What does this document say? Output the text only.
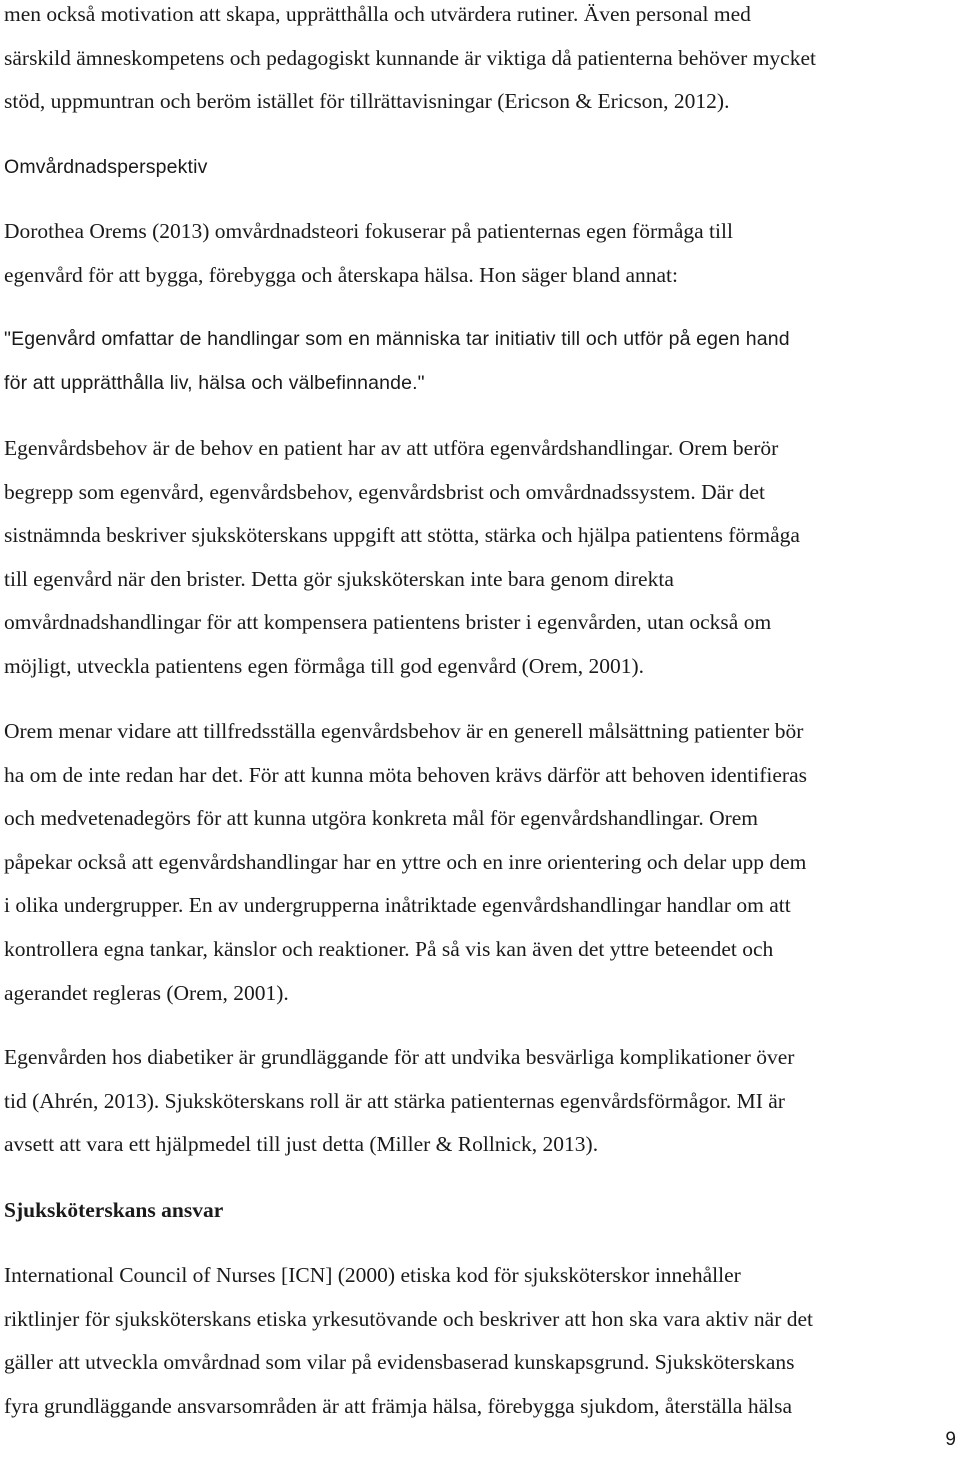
men också motivation att skapa, upprätthålla och utvärdera rutiner. Även personal med
särskild ämneskompetens och pedagogiskt kunnande är viktiga då patienterna behöver mycket
stöd, uppmuntran och beröm istället för tillrättavisningar (Ericson & Ericson, 2012).

Omvårdnadsperspektiv

Dorothea Orems (2013) omvårdnadsteori fokuserar på patienternas egen förmåga till
egenvård för att bygga, förebygga och återskapa hälsa. Hon säger bland annat:

"Egenvård omfattar de handlingar som en människa tar initiativ till och utför på egen hand
för att upprätthålla liv, hälsa och välbefinnande."

Egenvårdsbehov är de behov en patient har av att utföra egenvårdshandlingar. Orem berör
begrepp som egenvård, egenvårdsbehov, egenvårdsbrist och omvårdnadssystem. Där det
sistnämnda beskriver sjuksköterskans uppgift att stötta, stärka och hjälpa patientens förmåga
till egenvård när den brister. Detta gör sjuksköterskan inte bara genom direkta
omvårdnadshandlingar för att kompensera patientens brister i egenvården, utan också om
möjligt, utveckla patientens egen förmåga till god egenvård (Orem, 2001).

Orem menar vidare att tillfredsställa egenvårdsbehov är en generell målsättning patienter bör
ha om de inte redan har det. För att kunna möta behoven krävs därför att behoven identifieras
och medvetenadegörs för att kunna utgöra konkreta mål för egenvårdshandlingar. Orem
påpekar också att egenvårdshandlingar har en yttre och en inre orientering och delar upp dem
i olika undergrupper. En av undergrupperna inåtriktade egenvårdshandlingar handlar om att
kontrollera egna tankar, känslor och reaktioner. På så vis kan även det yttre beteendet och
agerandet regleras (Orem, 2001).

Egenvården hos diabetiker är grundläggande för att undvika besvärliga komplikationer över
tid (Ahrén, 2013). Sjuksköterskans roll är att stärka patienternas egenvårdsförmågor. MI är
avsett att vara ett hjälpmedel till just detta (Miller & Rollnick, 2013).

Sjuksköterskans ansvar

International Council of Nurses [ICN] (2000) etiska kod för sjuksköterskor innehåller
riktlinjer för sjuksköterskans etiska yrkesutövande och beskriver att hon ska vara aktiv när det
gäller att utveckla omvårdnad som vilar på evidensbaserad kunskapsgrund. Sjuksköterskans
fyra grundläggande ansvarsområden är att främja hälsa, förebygga sjukdom, återställa hälsa

9
